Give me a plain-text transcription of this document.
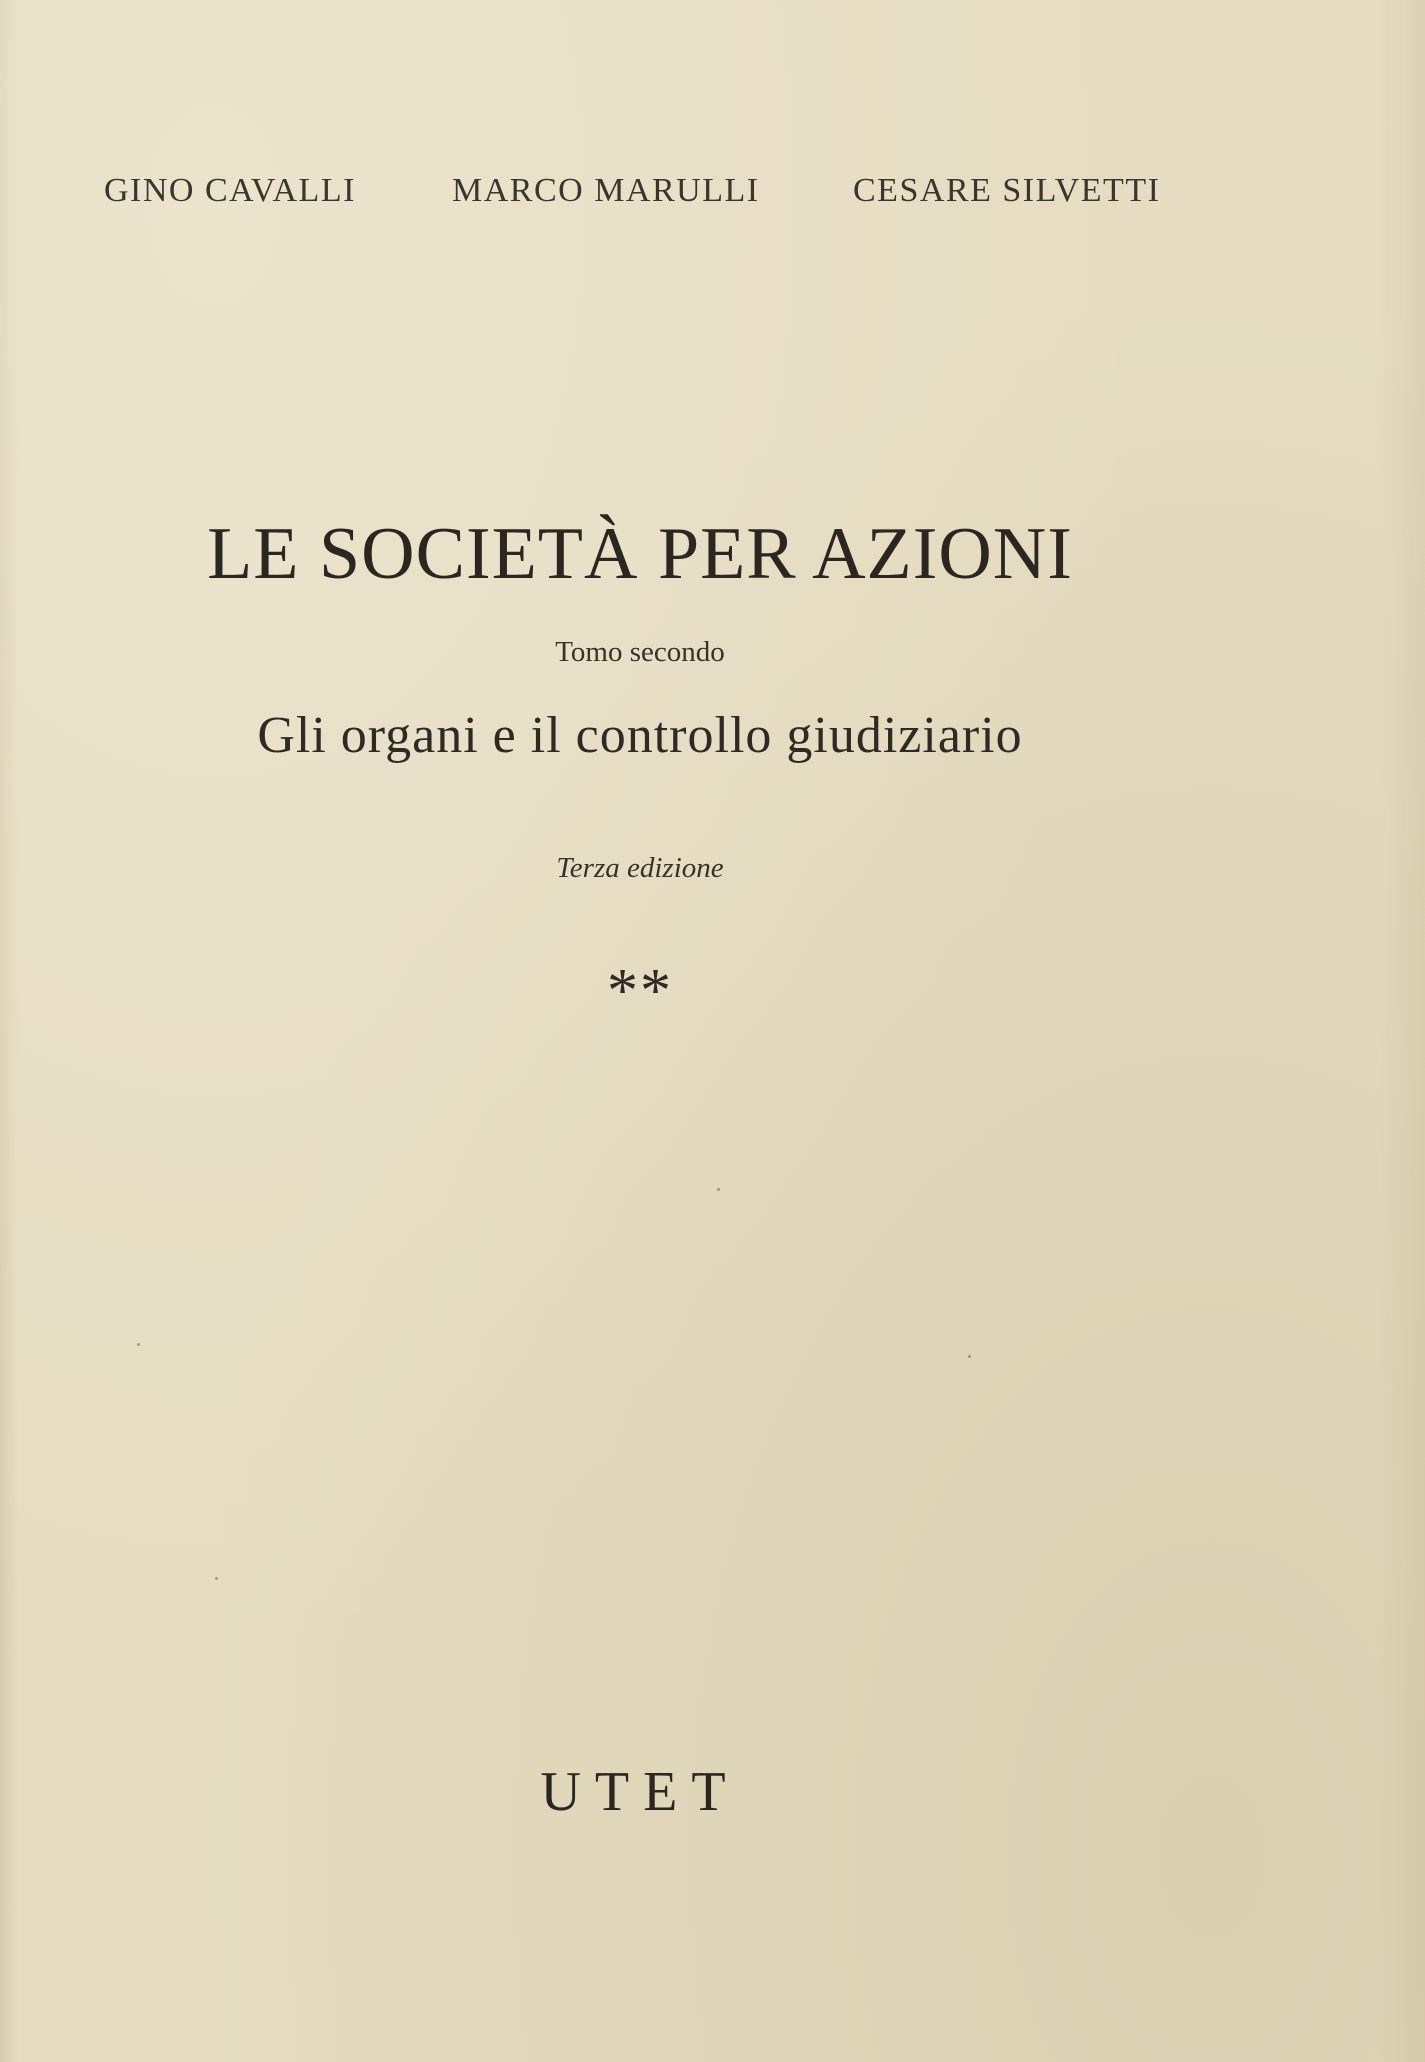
GINO CAVALLI	MARCO MARULLI	CESARE SILVETTI
LE SOCIETÀ PER AZIONI
Tomo secondo
Gli organi e il controllo giudiziario
Terza edizione
**
UTET
